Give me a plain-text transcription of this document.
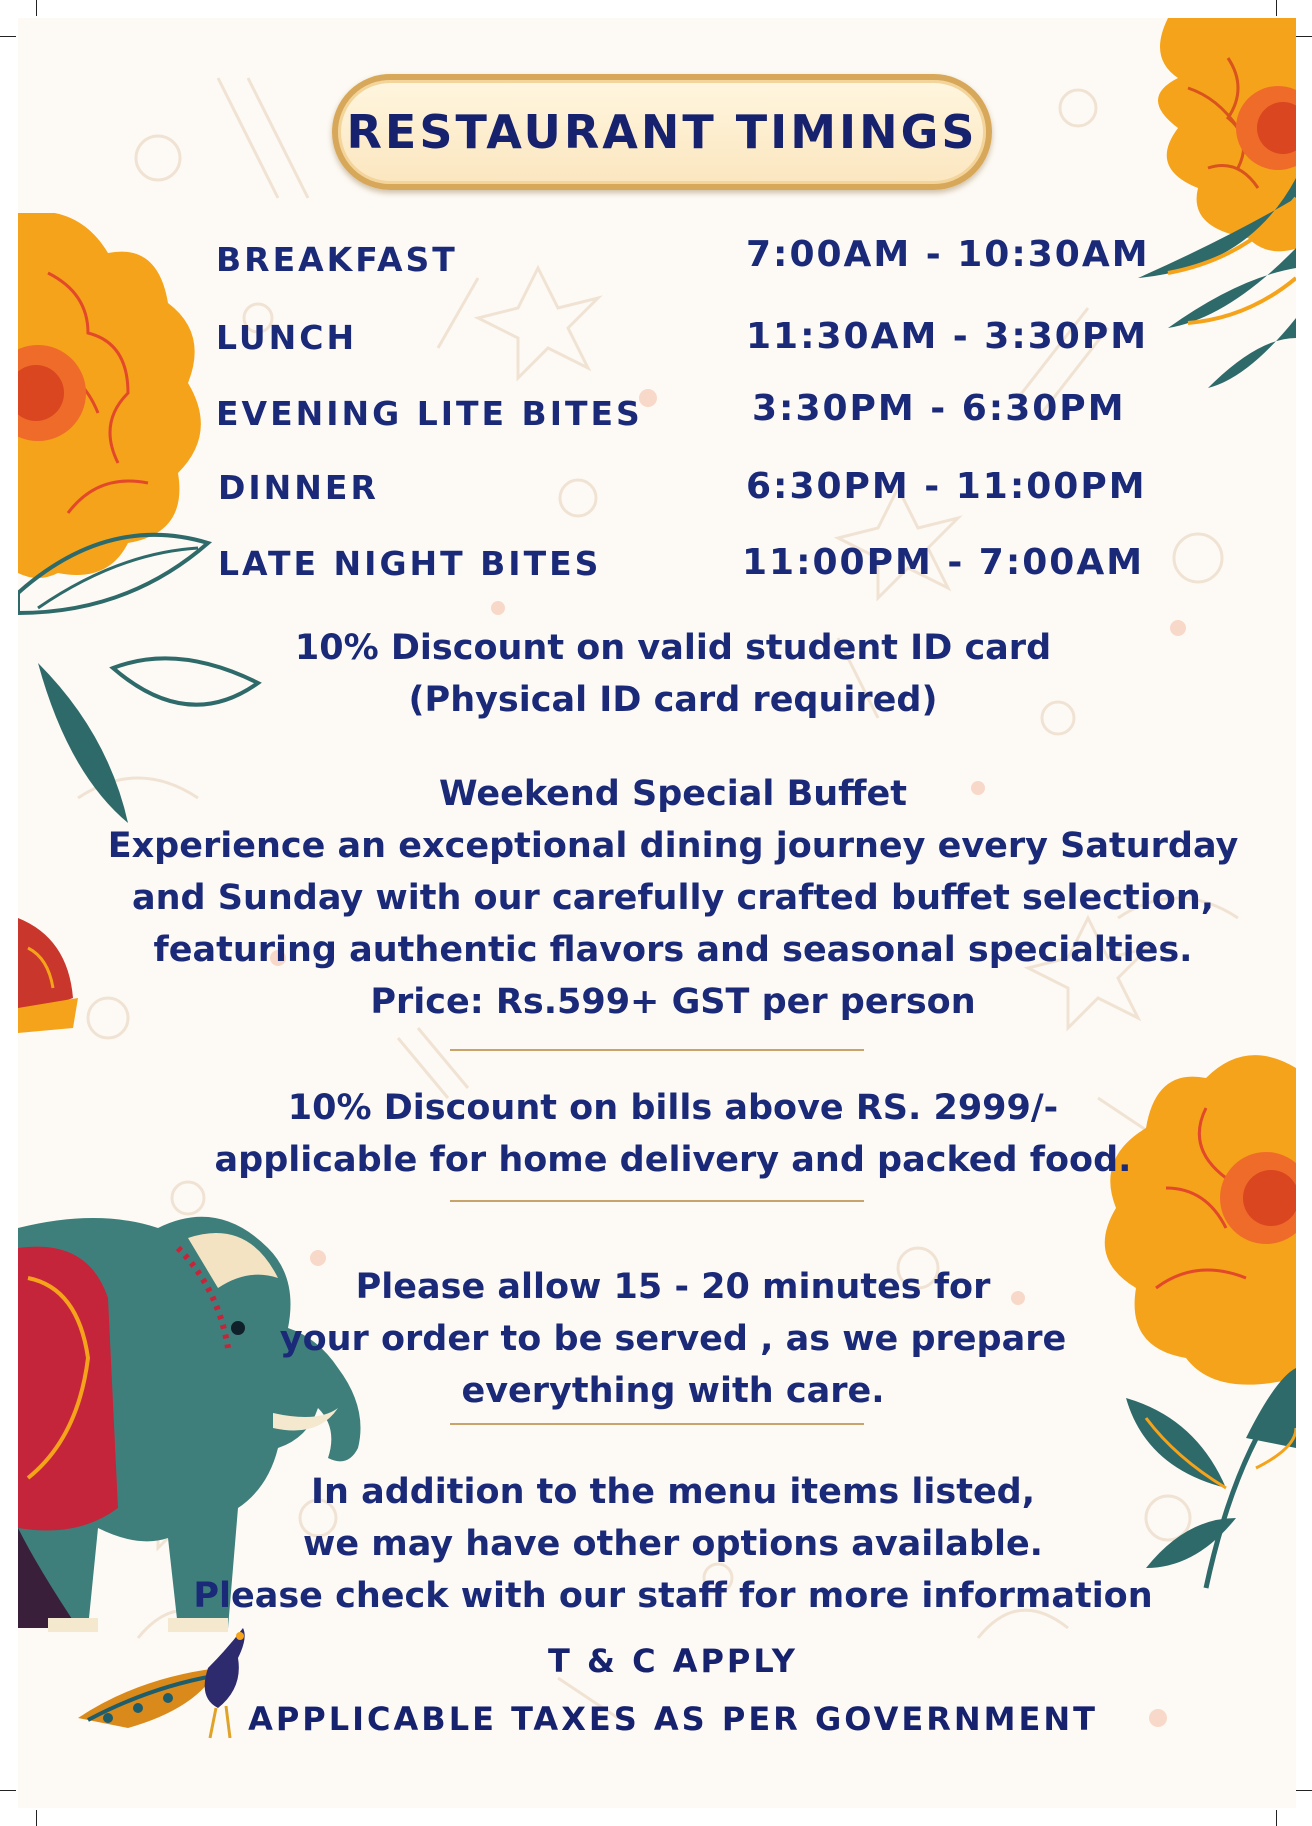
RESTAURANT TIMINGS
BREAKFAST	7:00AM - 10:30AM
LUNCH	11:30AM - 3:30PM
EVENING LITE BITES	3:30PM - 6:30PM
DINNER	6:30PM - 11:00PM
LATE NIGHT BITES	11:00PM - 7:00AM
10% Discount on valid student ID card
(Physical ID card required)
Weekend Special Buffet
Experience an exceptional dining journey every Saturday
and Sunday with our carefully crafted buffet selection,
featuring authentic flavors and seasonal specialties.
Price: Rs.599+ GST per person
10% Discount on bills above RS. 2999/-
applicable for home delivery and packed food.
Please allow 15 - 20 minutes for
your order to be served , as we prepare
everything with care.
In addition to the menu items listed,
we may have other options available.
Please check with our staff for more information
T & C APPLY
APPLICABLE TAXES AS PER GOVERNMENT
